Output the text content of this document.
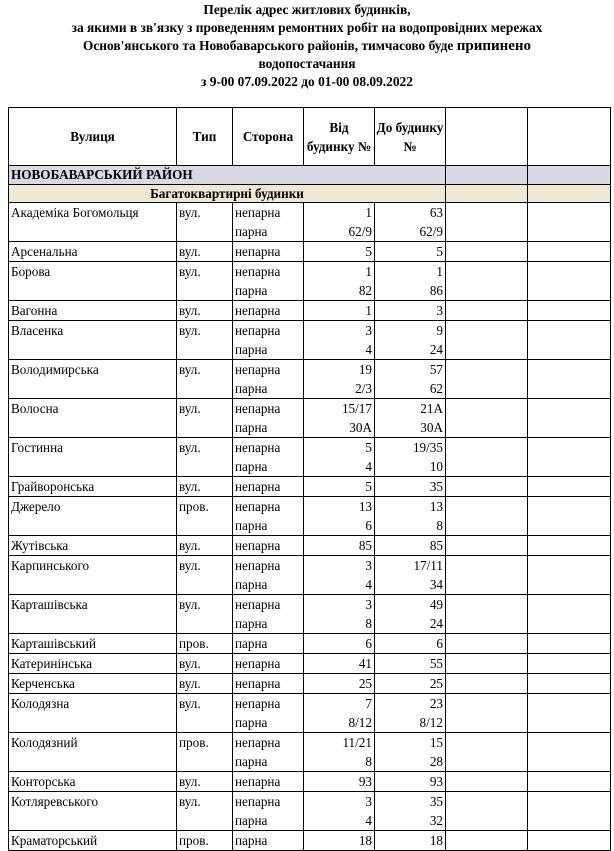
Перелік адрес житлових будинків,
за якими в зв'язку з проведенням ремонтних робіт на водопровідних мережах
Основ'янського та Новобаварського районів, тимчасово буде припинено
водопостачання
з 9-00 07.09.2022 до 01-00 08.09.2022
Вулиця	Тип	Сторона	Від будинку №	До будинку №		

НОВОБАВАРСЬКИЙ РАЙОН						
Багатоквартирні будинки						
Академіка Богомольця	вул.	непарна	1	63		
		парна	62/9	62/9		
Арсенальна	вул.	непарна	5	5		
Борова	вул.	непарна	1	1		
		парна	82	86		
Вагонна	вул.	непарна	1	3		
Власенка	вул.	непарна	3	9		
		парна	4	24		
Володимирська	вул.	непарна	19	57		
		парна	2/3	62		
Волосна	вул.	непарна	15/17	21А		
		парна	30А	30А		
Гостинна	вул.	непарна	5	19/35		
		парна	4	10		
Грайворонська	вул.	непарна	5	35		
Джерело	пров.	непарна	13	13		
		парна	6	8		
Жутівська	вул.	непарна	85	85		
Карпинського	вул.	непарна	3	17/11		
		парна	4	34		
Карташівська	вул.	непарна	3	49		
		парна	8	24		
Карташівський	пров.	парна	6	6		
Катеринінська	вул.	непарна	41	55		
Керченська	вул.	непарна	25	25		
Колодязна	вул.	непарна	7	23		
		парна	8/12	8/12		
Колодязний	пров.	непарна	11/21	15		
		парна	8	28		
Конторська	вул.	непарна	93	93		
Котляревського	вул.	непарна	3	35		
		парна	4	32		
Краматорський	пров.	парна	18	18		
